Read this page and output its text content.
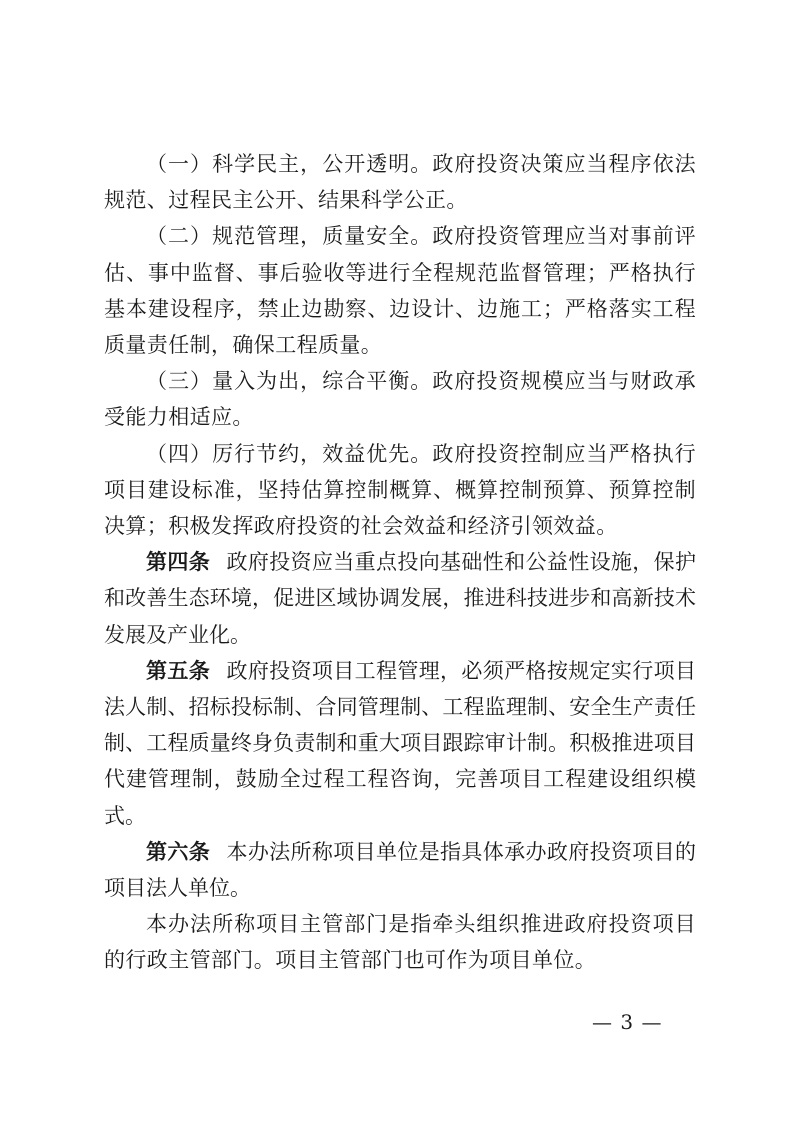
（一）科学民主，公开透明。政府投资决策应当程序依法规范、过程民主公开、结果科学公正。

（二）规范管理，质量安全。政府投资管理应当对事前评估、事中监督、事后验收等进行全程规范监督管理；严格执行基本建设程序，禁止边勘察、边设计、边施工；严格落实工程质量责任制，确保工程质量。

（三）量入为出，综合平衡。政府投资规模应当与财政承受能力相适应。

（四）厉行节约，效益优先。政府投资控制应当严格执行项目建设标准，坚持估算控制概算、概算控制预算、预算控制决算；积极发挥政府投资的社会效益和经济引领效益。

第四条 政府投资应当重点投向基础性和公益性设施，保护和改善生态环境，促进区域协调发展，推进科技进步和高新技术发展及产业化。

第五条 政府投资项目工程管理，必须严格按规定实行项目法人制、招标投标制、合同管理制、工程监理制、安全生产责任制、工程质量终身负责制和重大项目跟踪审计制。积极推进项目代建管理制，鼓励全过程工程咨询，完善项目工程建设组织模式。

第六条 本办法所称项目单位是指具体承办政府投资项目的项目法人单位。

本办法所称项目主管部门是指牵头组织推进政府投资项目的行政主管部门。项目主管部门也可作为项目单位。

— 3 —
